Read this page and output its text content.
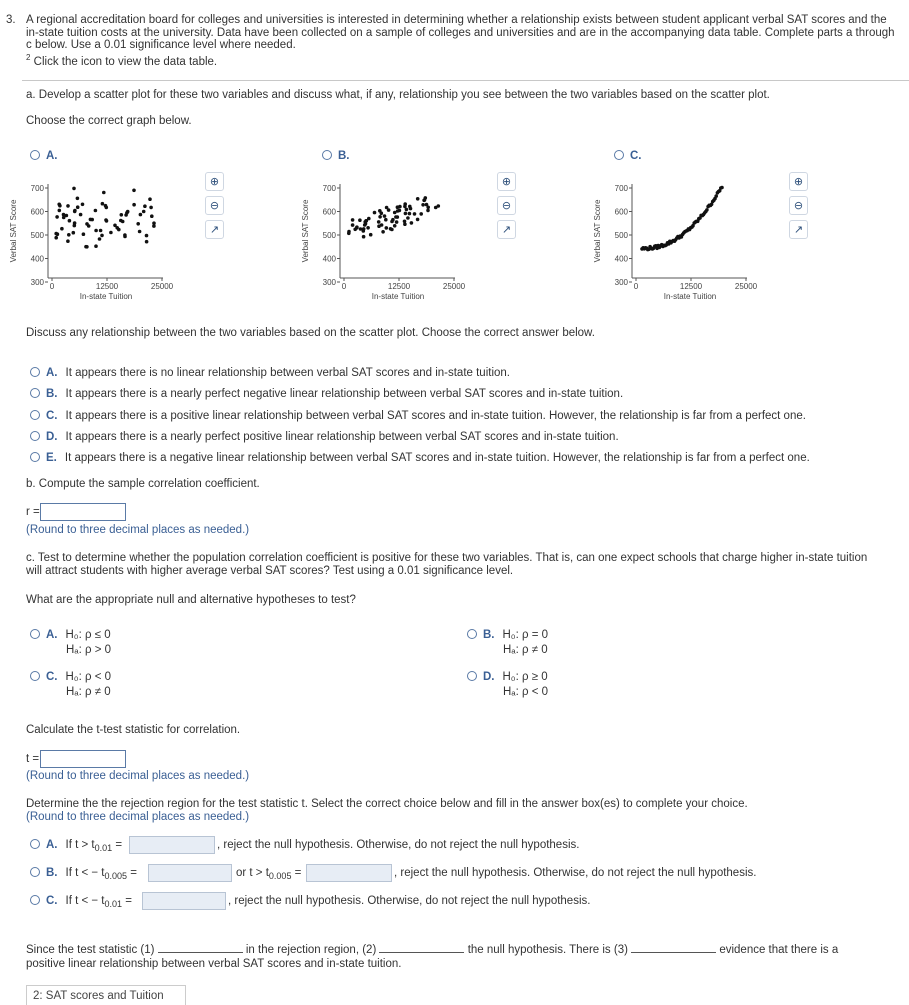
3. A regional accreditation board for colleges and universities is interested in determining whether a relationship exists between student applicant verbal SAT scores and the in-state tuition costs at the university. Data have been collected on a sample of colleges and universities and are in the accompanying data table. Complete parts a through c below. Use a 0.01 significance level where needed.
$^2$ Click the icon to view the data table.
a. Develop a scatter plot for these two variables and discuss what, if any, relationship you see between the two variables based on the scatter plot.
Choose the correct graph below.
A.
700
600
500
400
300 0	12500	25000
In-state Tuition
Verbal SAT Score
⊕
⊖
↗
B.
700
600
500
400
300 0	12500	25000
In-state Tuition
Verbal SAT Score
⊕
⊖
↗
C.
700
600
500
400
300 0	12500	25000
In-state Tuition
Verbal SAT Score
⊕
⊖
↗
Discuss any relationship between the two variables based on the scatter plot. Choose the correct answer below.
A. It appears there is no linear relationship between verbal SAT scores and in-state tuition.
B. It appears there is a nearly perfect negative linear relationship between verbal SAT scores and in-state tuition.
C. It appears there is a positive linear relationship between verbal SAT scores and in-state tuition. However, the relationship is far from a perfect one.
D. It appears there is a nearly perfect positive linear relationship between verbal SAT scores and in-state tuition.
E. It appears there is a negative linear relationship between verbal SAT scores and in-state tuition. However, the relationship is far from a perfect one.
b. Compute the sample correlation coefficient.
r =
(Round to three decimal places as needed.)
c. Test to determine whether the population correlation coefficient is positive for these two variables. That is, can one expect schools that charge higher in-state tuition will attract students with higher average verbal SAT scores? Test using a 0.01 significance level.
What are the appropriate null and alternative hypotheses to test?
A. H₀: ρ ≤ 0
Hₐ: ρ > 0
B. H₀: ρ = 0
Hₐ: ρ ≠ 0
C. H₀: ρ < 0
Hₐ: ρ ≠ 0
D. H₀: ρ ≥ 0
Hₐ: ρ < 0
Calculate the t-test statistic for correlation.
t =
(Round to three decimal places as needed.)
Determine the the rejection region for the test statistic t. Select the correct choice below and fill in the answer box(es) to complete your choice.
(Round to three decimal places as needed.)
A. If $t > t_{0.01}$ =	, reject the null hypothesis. Otherwise, do not reject the null hypothesis.
B. If t < − $t_{0.005}$ =	or $t > t_{0.005}$ =	, reject the null hypothesis. Otherwise, do not reject the null hypothesis.
C. If t < − $t_{0.01}$ =	, reject the null hypothesis. Otherwise, do not reject the null hypothesis.
Since the test statistic (1)	in the rejection region, (2)	the null hypothesis. There is (3)	evidence that there is a
positive linear relationship between verbal SAT scores and in-state tuition.
2: SAT scores and Tuition
